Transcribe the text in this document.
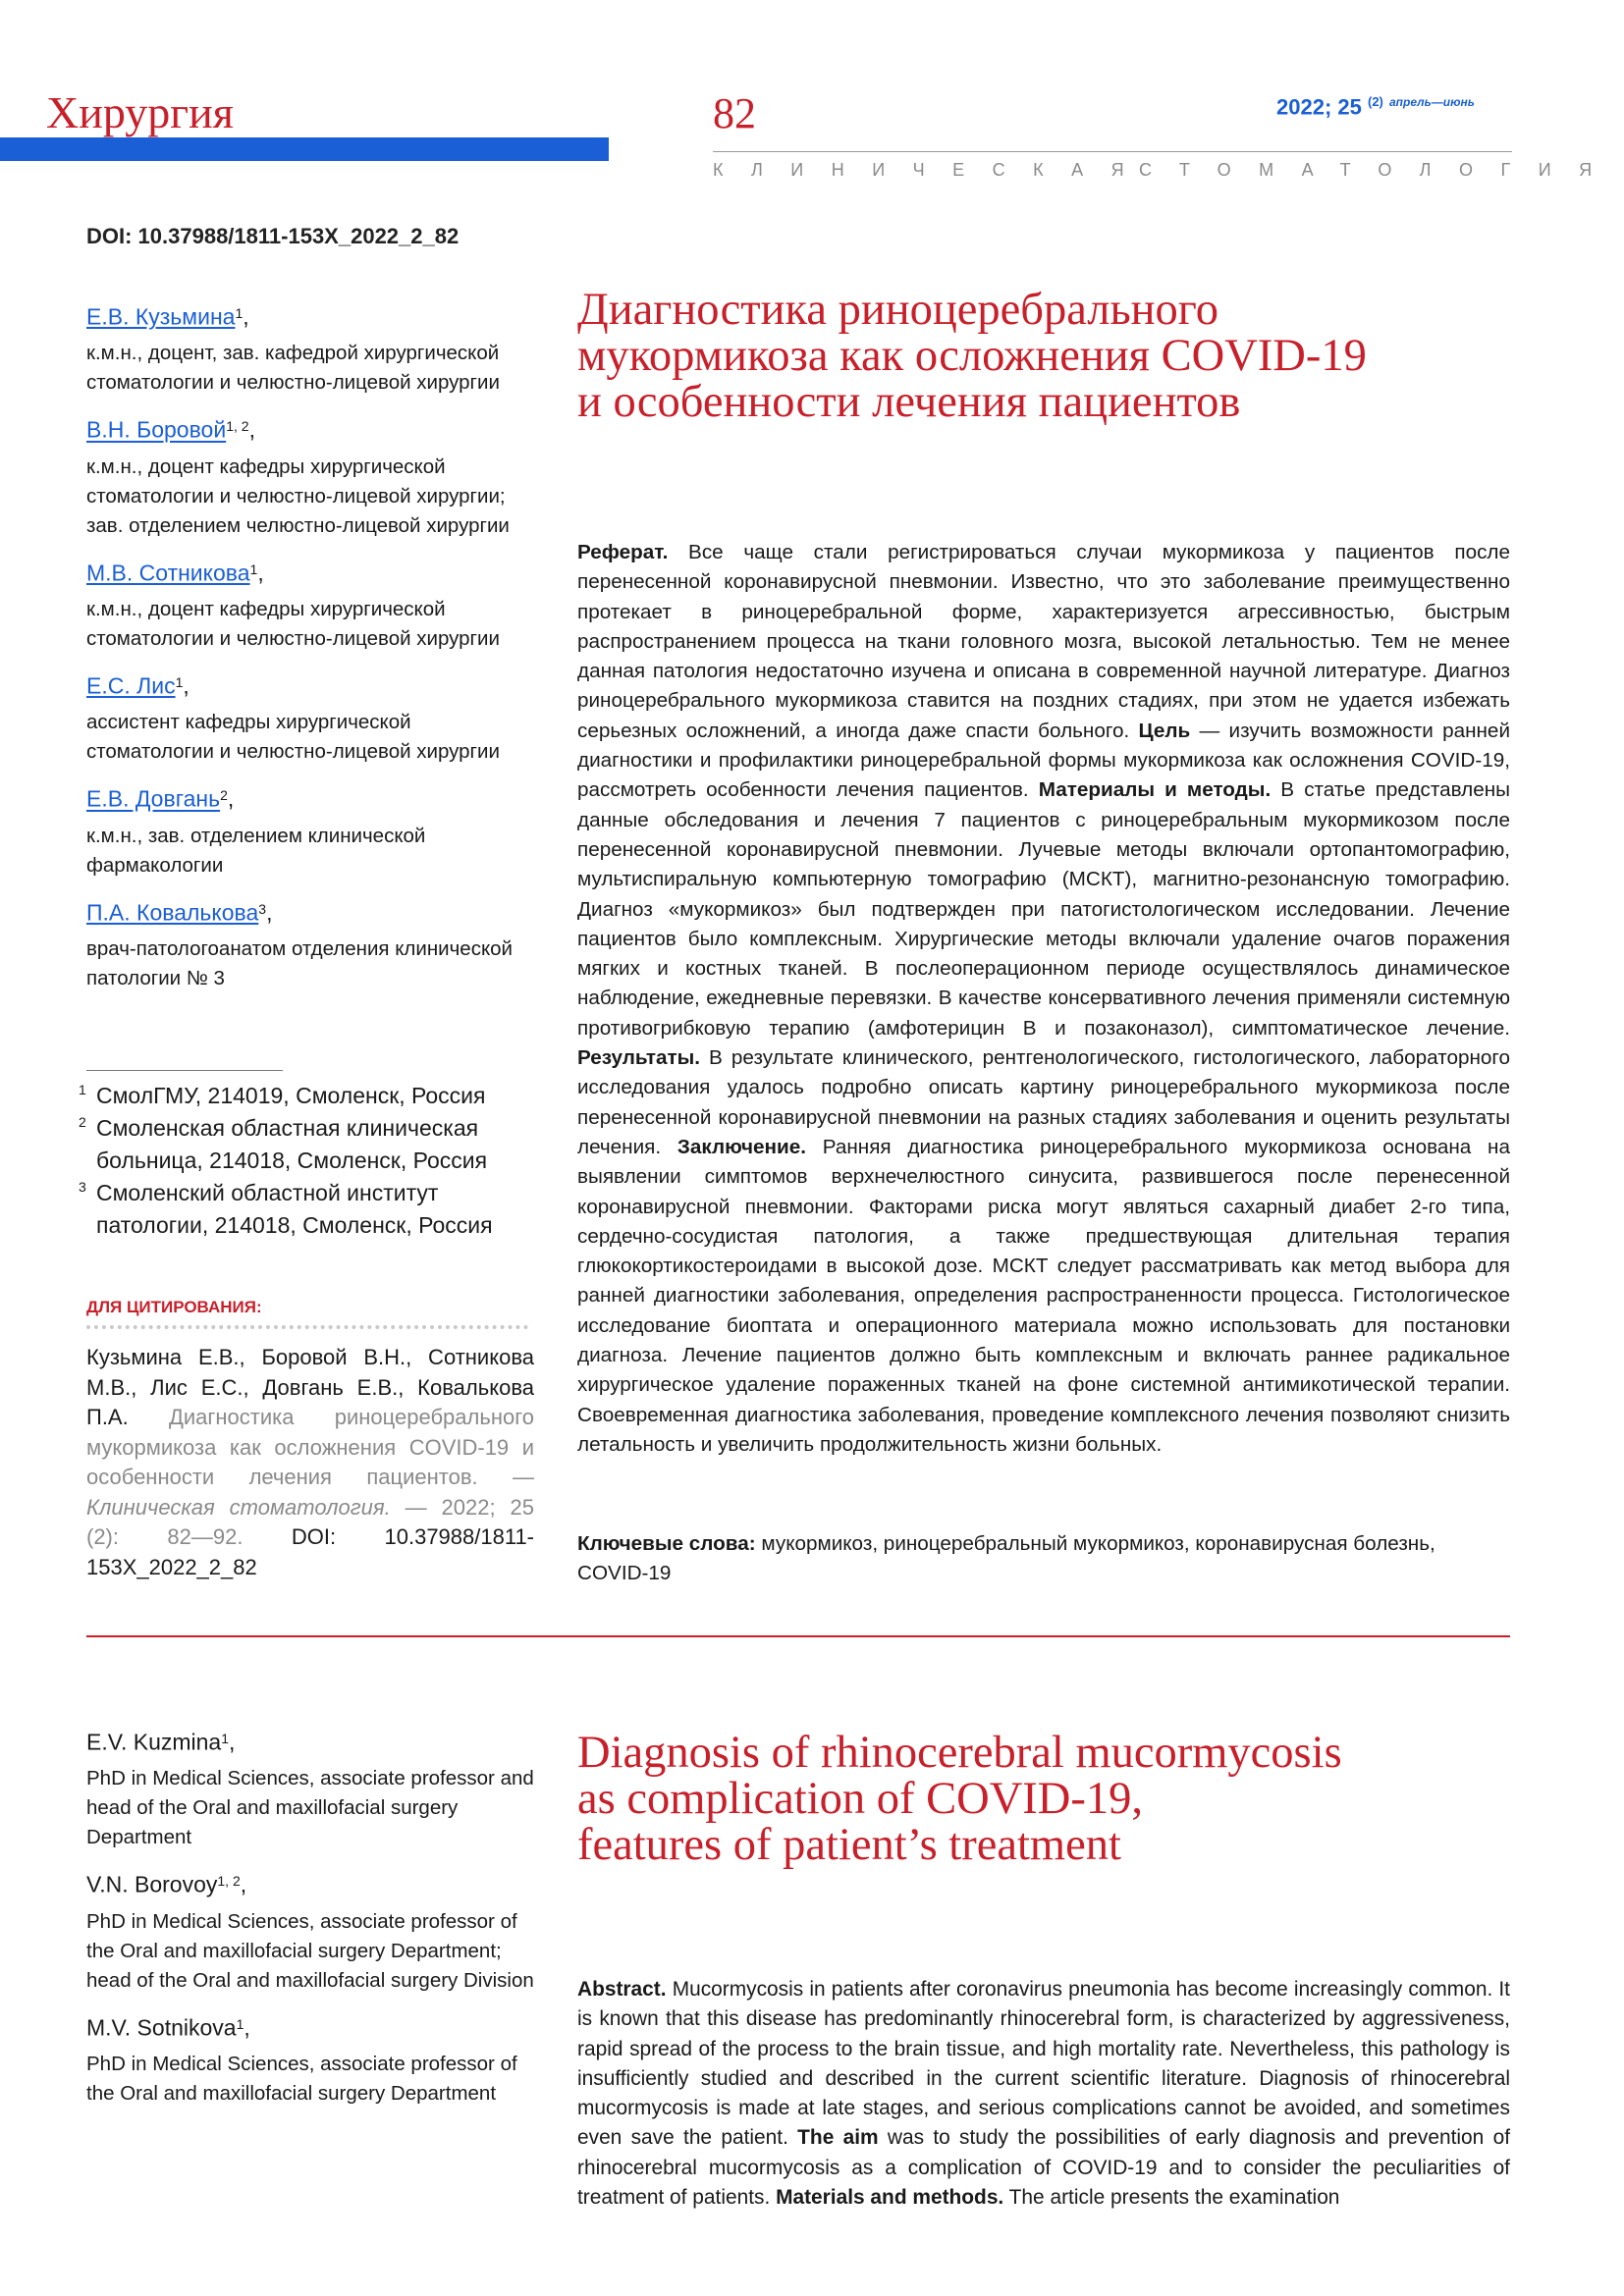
Хирургия	82	2022; 25 $^{(2)}$ $^{апрель—июнь}$
КЛИНИЧЕСКАЯ
СТОМАТОЛОГИЯ
DOI: 10.37988/1811-153X_2022_2_82
Е.В. Кузьмина1,
к.м.н., доцент, зав. кафедрой хирургической стоматологии и челюстно-лицевой хирургии
В.Н. Боровой1, 2,
к.м.н., доцент кафедры хирургической стоматологии и челюстно-лицевой хирургии; зав. отделением челюстно-лицевой хирургии
М.В. Сотникова1,
к.м.н., доцент кафедры хирургической стоматологии и челюстно-лицевой хирургии
Е.С. Лис1,
ассистент кафедры хирургической стоматологии и челюстно-лицевой хирургии
Е.В. Довгань2,
к.м.н., зав. отделением клинической фармакологии
П.А. Ковалькова3,
врач-патологоанатом отделения клинической патологии № 3
1 СмолГМУ, 214019, Смоленск, Россия
2 Смоленская областная клиническая больница, 214018, Смоленск, Россия
3 Смоленский областной институт патологии, 214018, Смоленск, Россия
ДЛЯ ЦИТИРОВАНИЯ:
Кузьмина Е.В., Боровой В.Н., Сотникова М.В., Лис Е.С., Довгань Е.В., Ковалькова П.А. Диагностика риноцеребрального мукормикоза как осложнения COVID-19 и особенности лечения пациентов. — Клиническая стоматология. — 2022; 25 (2): 82—92. DOI: 10.37988/1811-153X_2022_2_82
Диагностика риноцеребрального
мукормикоза как осложнения COVID-19
и особенности лечения пациентов
Реферат. Все чаще стали регистрироваться случаи мукормикоза у пациентов после перенесенной коронавирусной пневмонии. Известно, что это заболевание преимущественно протекает в риноцеребральной форме, характеризуется агрессивностью, быстрым распространением процесса на ткани головного мозга, высокой летальностью. Тем не менее данная патология недостаточно изучена и описана в современной научной литературе. Диагноз риноцеребрального мукормикоза ставится на поздних стадиях, при этом не удается избежать серьезных осложнений, а иногда даже спасти больного. Цель — изучить возможности ранней диагностики и профилактики риноцеребральной формы мукормикоза как осложнения COVID-19, рассмотреть особенности лечения пациентов. Материалы и методы. В статье представлены данные обследования и лечения 7 пациентов с риноцеребральным мукормикозом после перенесенной коронавирусной пневмонии. Лучевые методы включали ортопантомографию, мультиспиральную компьютерную томографию (МСКТ), магнитно-резонансную томографию. Диагноз «мукормикоз» был подтвержден при патогистологическом исследовании. Лечение пациентов было комплексным. Хирургические методы включали удаление очагов поражения мягких и костных тканей. В послеоперационном периоде осуществлялось динамическое наблюдение, ежедневные перевязки. В качестве консервативного лечения применяли системную противогрибковую терапию (амфотерицин В и позаконазол), симптоматическое лечение. Результаты. В результате клинического, рентгенологического, гистологического, лабораторного исследования удалось подробно описать картину риноцеребрального мукормикоза после перенесенной коронавирусной пневмонии на разных стадиях заболевания и оценить результаты лечения. Заключение. Ранняя диагностика риноцеребрального мукормикоза основана на выявлении симптомов верхнечелюстного синусита, развившегося после перенесенной коронавирусной пневмонии. Факторами риска могут являться сахарный диабет 2-го типа, сердечно-сосудистая патология, а также предшествующая длительная терапия глюкокортикостероидами в высокой дозе. МСКТ следует рассматривать как метод выбора для ранней диагностики заболевания, определения распространенности процесса. Гистологическое исследование биоптата и операционного материала можно использовать для постановки диагноза. Лечение пациентов должно быть комплексным и включать раннее радикальное хирургическое удаление пораженных тканей на фоне системной антимикотической терапии. Своевременная диагностика заболевания, проведение комплексного лечения позволяют снизить летальность и увеличить продолжительность жизни больных.
Ключевые слова: мукормикоз, риноцеребральный мукормикоз, коронавирусная болезнь, COVID-19
E.V. Kuzmina1,
PhD in Medical Sciences, associate professor and head of the Oral and maxillofacial surgery Department
V.N. Borovoy1, 2,
PhD in Medical Sciences, associate professor of the Oral and maxillofacial surgery Department; head of the Oral and maxillofacial surgery Division
M.V. Sotnikova1,
PhD in Medical Sciences, associate professor of the Oral and maxillofacial surgery Department
Diagnosis of rhinocerebral mucormycosis
as complication of COVID-19,
features of patient’s treatment
Abstract. Mucormycosis in patients after coronavirus pneumonia has become increasingly common. It is known that this disease has predominantly rhinocerebral form, is characterized by aggressiveness, rapid spread of the process to the brain tissue, and high mortality rate. Nevertheless, this pathology is insufficiently studied and described in the current scientific literature. Diagnosis of rhinocerebral mucormycosis is made at late stages, and serious complications cannot be avoided, and sometimes even save the patient. The aim was to study the possibilities of early diagnosis and prevention of rhinocerebral mucormycosis as a complication of COVID-19 and to consider the peculiarities of treatment of patients. Materials and methods. The article presents the examination
